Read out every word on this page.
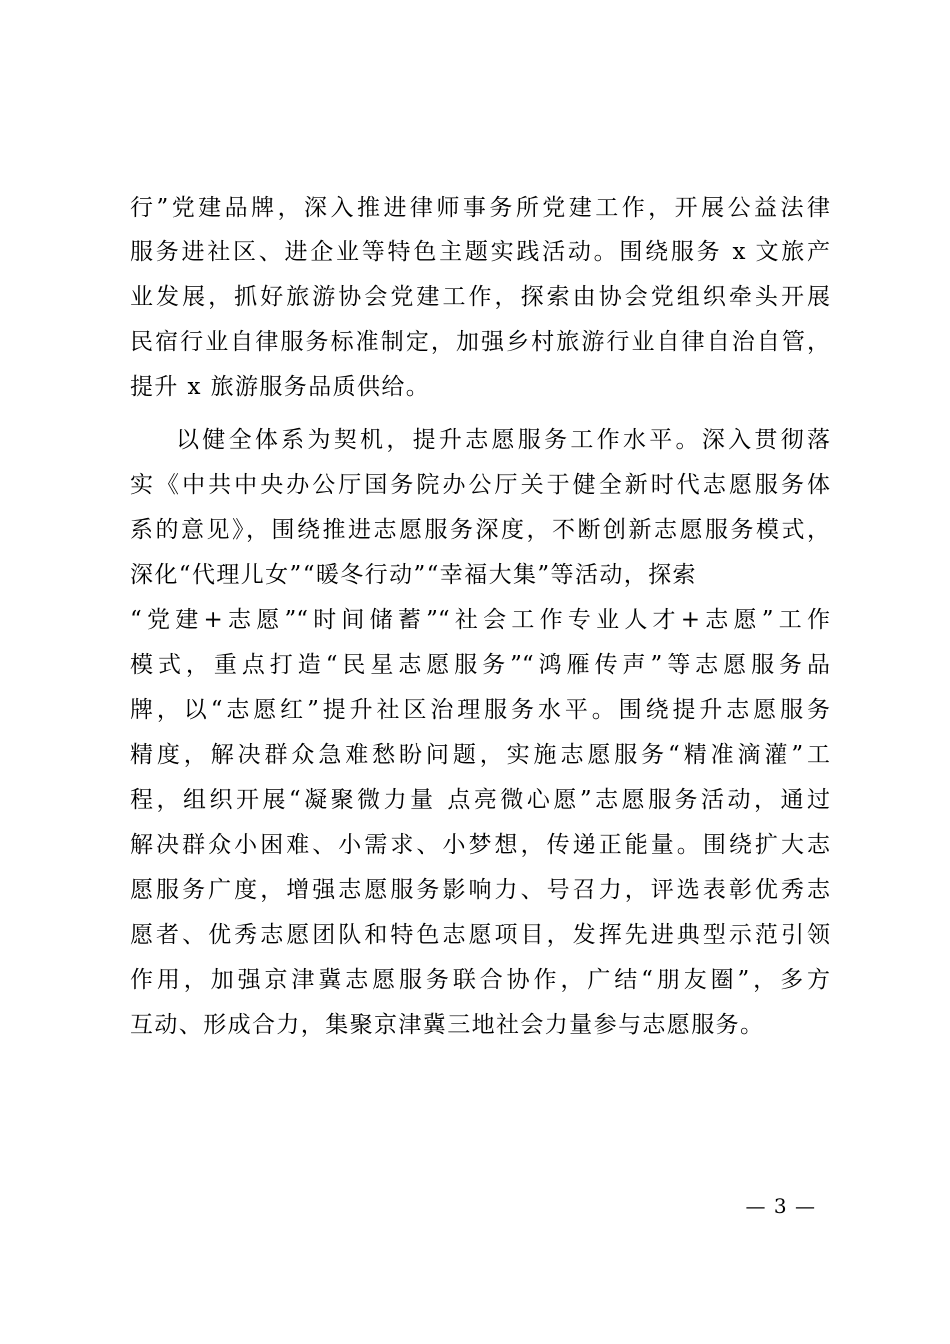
行”党建品牌，深入推进律师事务所党建工作，开展公益法律

服务进社区、进企业等特色主题实践活动。围绕服务 x 文旅产

业发展，抓好旅游协会党建工作，探索由协会党组织牵头开展

民宿行业自律服务标准制定，加强乡村旅游行业自律自治自管，

提升 x 旅游服务品质供给。

以健全体系为契机，提升志愿服务工作水平。深入贯彻落

实《中共中央办公厅国务院办公厅关于健全新时代志愿服务体

系的意见》，围绕推进志愿服务深度，不断创新志愿服务模式，

深化“代理儿女”“暖冬行动”“幸福大集”等活动，探索

“党建+志愿”“时间储蓄”“社会工作专业人才+志愿”工作

模式，重点打造“民星志愿服务”“鸿雁传声”等志愿服务品

牌，以“志愿红”提升社区治理服务水平。围绕提升志愿服务

精度，解决群众急难愁盼问题，实施志愿服务“精准滴灌”工

程，组织开展“凝聚微力量 点亮微心愿”志愿服务活动，通过

解决群众小困难、小需求、小梦想，传递正能量。围绕扩大志

愿服务广度，增强志愿服务影响力、号召力，评选表彰优秀志

愿者、优秀志愿团队和特色志愿项目，发挥先进典型示范引领

作用，加强京津冀志愿服务联合协作，广结“朋友圈”，多方

互动、形成合力，集聚京津冀三地社会力量参与志愿服务。

— 3 —
